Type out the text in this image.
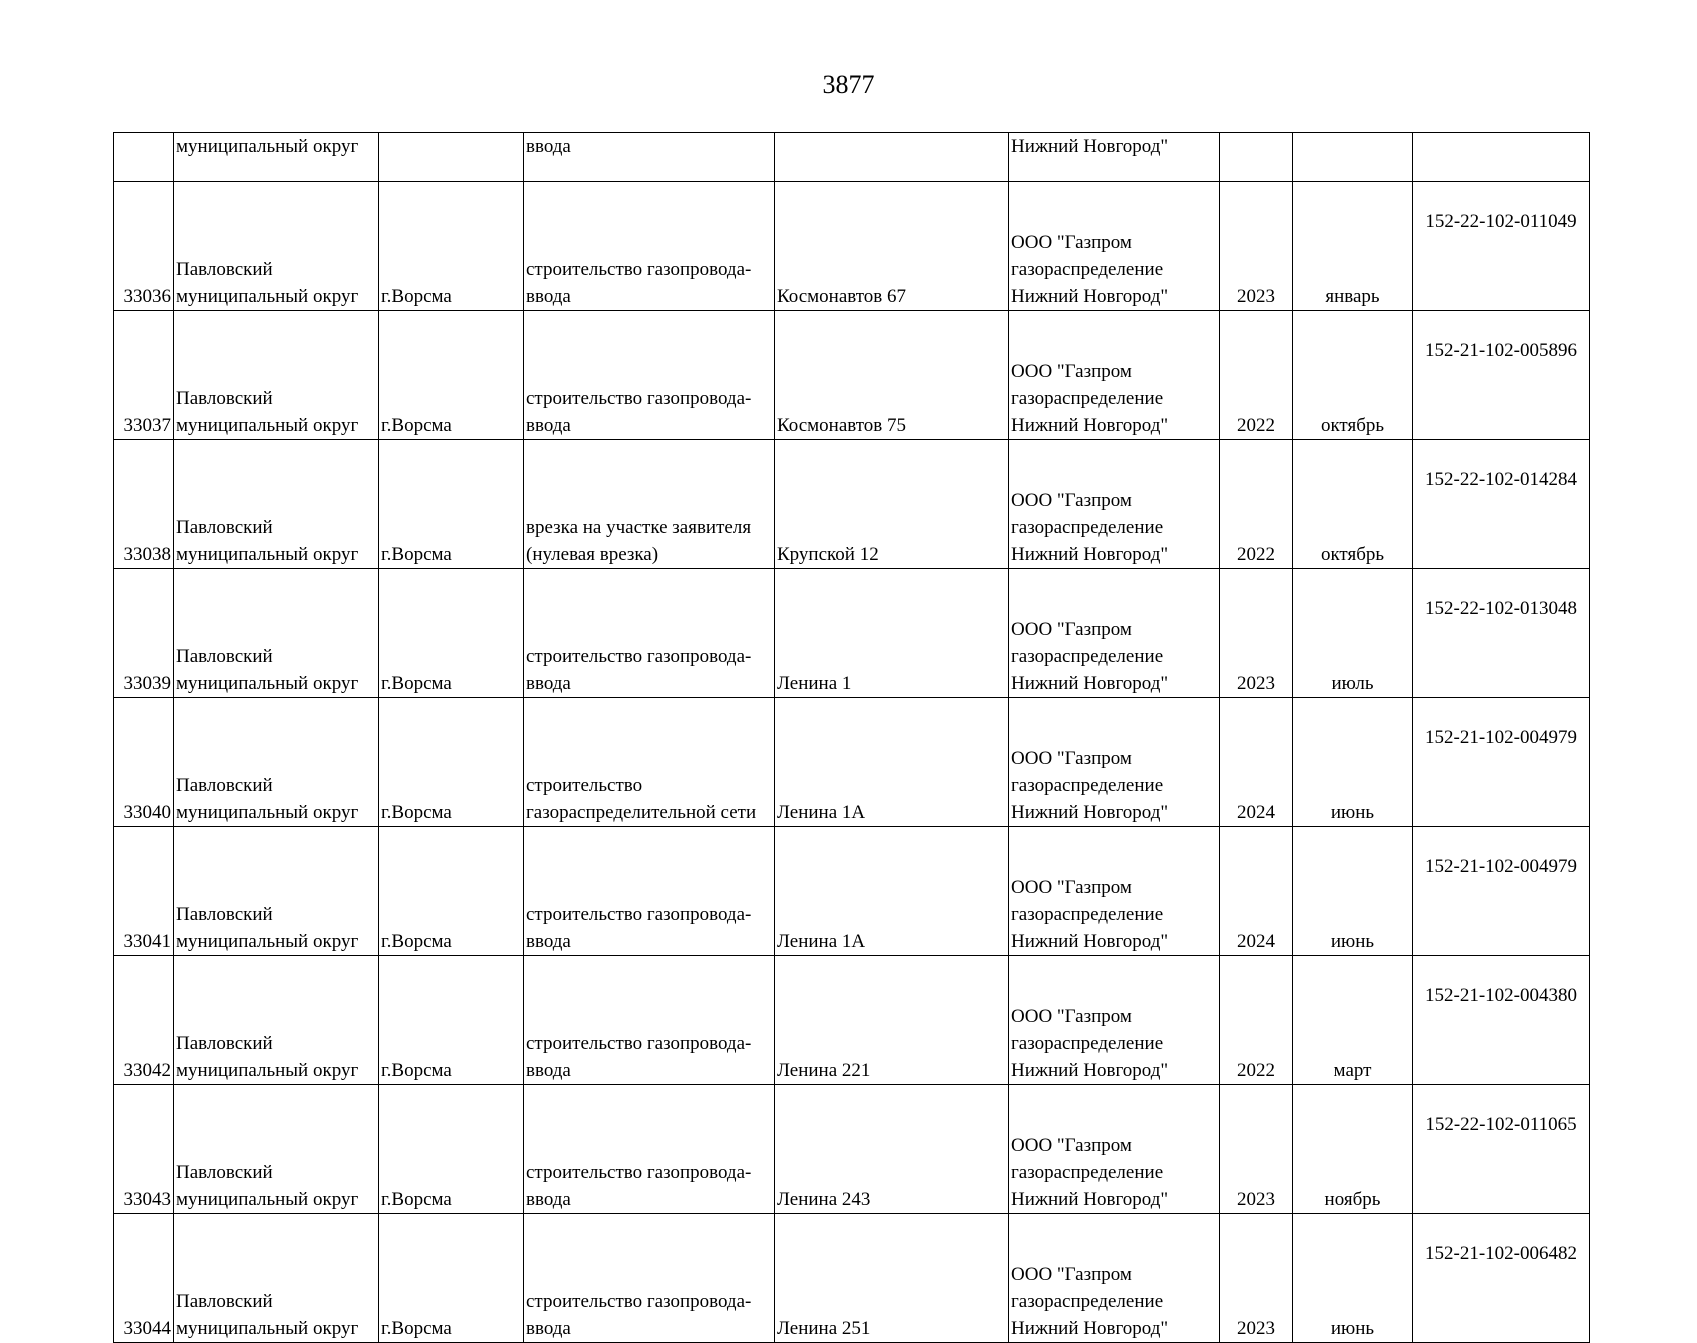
3877
	муниципальный округ		ввода		Нижний Новгород"			
33036	Павловский
муниципальный округ	г.Ворсма	строительство газопровода-
ввода	Космонавтов 67	ООО "Газпром
газораспределение
Нижний Новгород"	2023	январь	152-22-102-011049
33037	Павловский
муниципальный округ	г.Ворсма	строительство газопровода-
ввода	Космонавтов 75	ООО "Газпром
газораспределение
Нижний Новгород"	2022	октябрь	152-21-102-005896
33038	Павловский
муниципальный округ	г.Ворсма	врезка на участке заявителя
(нулевая врезка)	Крупской 12	ООО "Газпром
газораспределение
Нижний Новгород"	2022	октябрь	152-22-102-014284
33039	Павловский
муниципальный округ	г.Ворсма	строительство газопровода-
ввода	Ленина 1	ООО "Газпром
газораспределение
Нижний Новгород"	2023	июль	152-22-102-013048
33040	Павловский
муниципальный округ	г.Ворсма	строительство
газораспределительной сети	Ленина 1А	ООО "Газпром
газораспределение
Нижний Новгород"	2024	июнь	152-21-102-004979
33041	Павловский
муниципальный округ	г.Ворсма	строительство газопровода-
ввода	Ленина 1А	ООО "Газпром
газораспределение
Нижний Новгород"	2024	июнь	152-21-102-004979
33042	Павловский
муниципальный округ	г.Ворсма	строительство газопровода-
ввода	Ленина 221	ООО "Газпром
газораспределение
Нижний Новгород"	2022	март	152-21-102-004380
33043	Павловский
муниципальный округ	г.Ворсма	строительство газопровода-
ввода	Ленина 243	ООО "Газпром
газораспределение
Нижний Новгород"	2023	ноябрь	152-22-102-011065
33044	Павловский
муниципальный округ	г.Ворсма	строительство газопровода-
ввода	Ленина 251	ООО "Газпром
газораспределение
Нижний Новгород"	2023	июнь	152-21-102-006482
